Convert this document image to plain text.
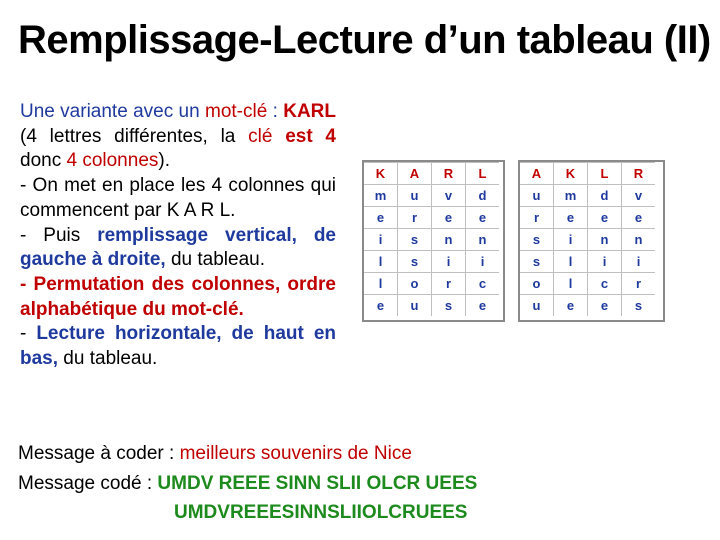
Remplissage-Lecture d’un tableau (II)
Une variante avec un mot-clé : KARL (4 lettres différentes, la clé est 4 donc 4 colonnes).
- On met en place les 4 colonnes qui commencent par K A R L.
- Puis remplissage vertical, de gauche à droite, du tableau.
- Permutation des colonnes, ordre alphabétique du mot-clé.
- Lecture horizontale, de haut en bas, du tableau.
K	A	R	L
m	u	v	d
e	r	e	e
i	s	n	n
l	s	i	i
l	o	r	c
e	u	s	e
A	K	L	R
u	m	d	v
r	e	e	e
s	i	n	n
s	l	i	i
o	l	c	r
u	e	e	s
Message à coder : meilleurs souvenirs de Nice
Message codé : UMDV REEE SINN SLII OLCR UEES
UMDVREEESINNSLIIOLCRUEES
